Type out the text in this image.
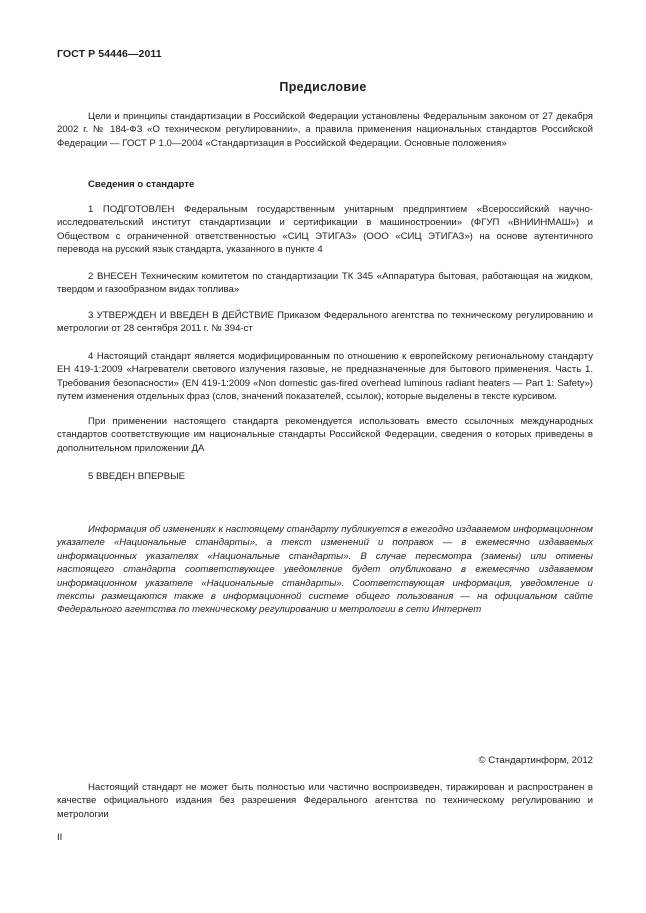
ГОСТ Р 54446—2011
Предисловие
Цели и принципы стандартизации в Российской Федерации установлены Федеральным законом от 27 декабря 2002 г. № 184-ФЗ «О техническом регулировании», а правила применения национальных стандартов Российской Федерации — ГОСТ Р 1.0—2004 «Стандартизация в Российской Федерации. Основные положения»
Сведения о стандарте
1 ПОДГОТОВЛЕН Федеральным государственным унитарным предприятием «Всероссийский научно-исследовательский институт стандартизации и сертификации в машиностроении» (ФГУП «ВНИИНМАШ») и Обществом с ограниченной ответственностью «СИЦ ЭТИГАЗ» (ООО «СИЦ ЭТИГАЗ») на основе аутентичного перевода на русский язык стандарта, указанного в пункте 4
2 ВНЕСЕН Техническим комитетом по стандартизации ТК 345 «Аппаратура бытовая, работающая на жидком, твердом и газообразном видах топлива»
3 УТВЕРЖДЕН И ВВЕДЕН В ДЕЙСТВИЕ Приказом Федерального агентства по техническому регулированию и метрологии от 28 сентября 2011 г. № 394-ст
4 Настоящий стандарт является модифицированным по отношению к европейскому региональному стандарту ЕН 419-1:2009 «Нагреватели светового излучения газовые, не предназначенные для бытового применения. Часть 1. Требования безопасности» (EN 419-1:2009 «Non domestic gas-fired overhead luminous radiant heaters — Part 1: Safety») путем изменения отдельных фраз (слов, значений показателей, ссылок), которые выделены в тексте курсивом.
При применении настоящего стандарта рекомендуется использовать вместо ссылочных международных стандартов соответствующие им национальные стандарты Российской Федерации, сведения о которых приведены в дополнительном приложении ДА
5 ВВЕДЕН ВПЕРВЫЕ
Информация об изменениях к настоящему стандарту публикуется в ежегодно издаваемом информационном указателе «Национальные стандарты», а текст изменений и поправок — в ежемесячно издаваемых информационных указателях «Национальные стандарты». В случае пересмотра (замены) или отмены настоящего стандарта соответствующее уведомление будет опубликовано в ежемесячно издаваемом информационном указателе «Национальные стандарты». Соответствующая информация, уведомление и тексты размещаются также в информационной системе общего пользования — на официальном сайте Федерального агентства по техническому регулированию и метрологии в сети Интернет
© Стандартинформ, 2012
Настоящий стандарт не может быть полностью или частично воспроизведен, тиражирован и распространен в качестве официального издания без разрешения Федерального агентства по техническому регулированию и метрологии
II
